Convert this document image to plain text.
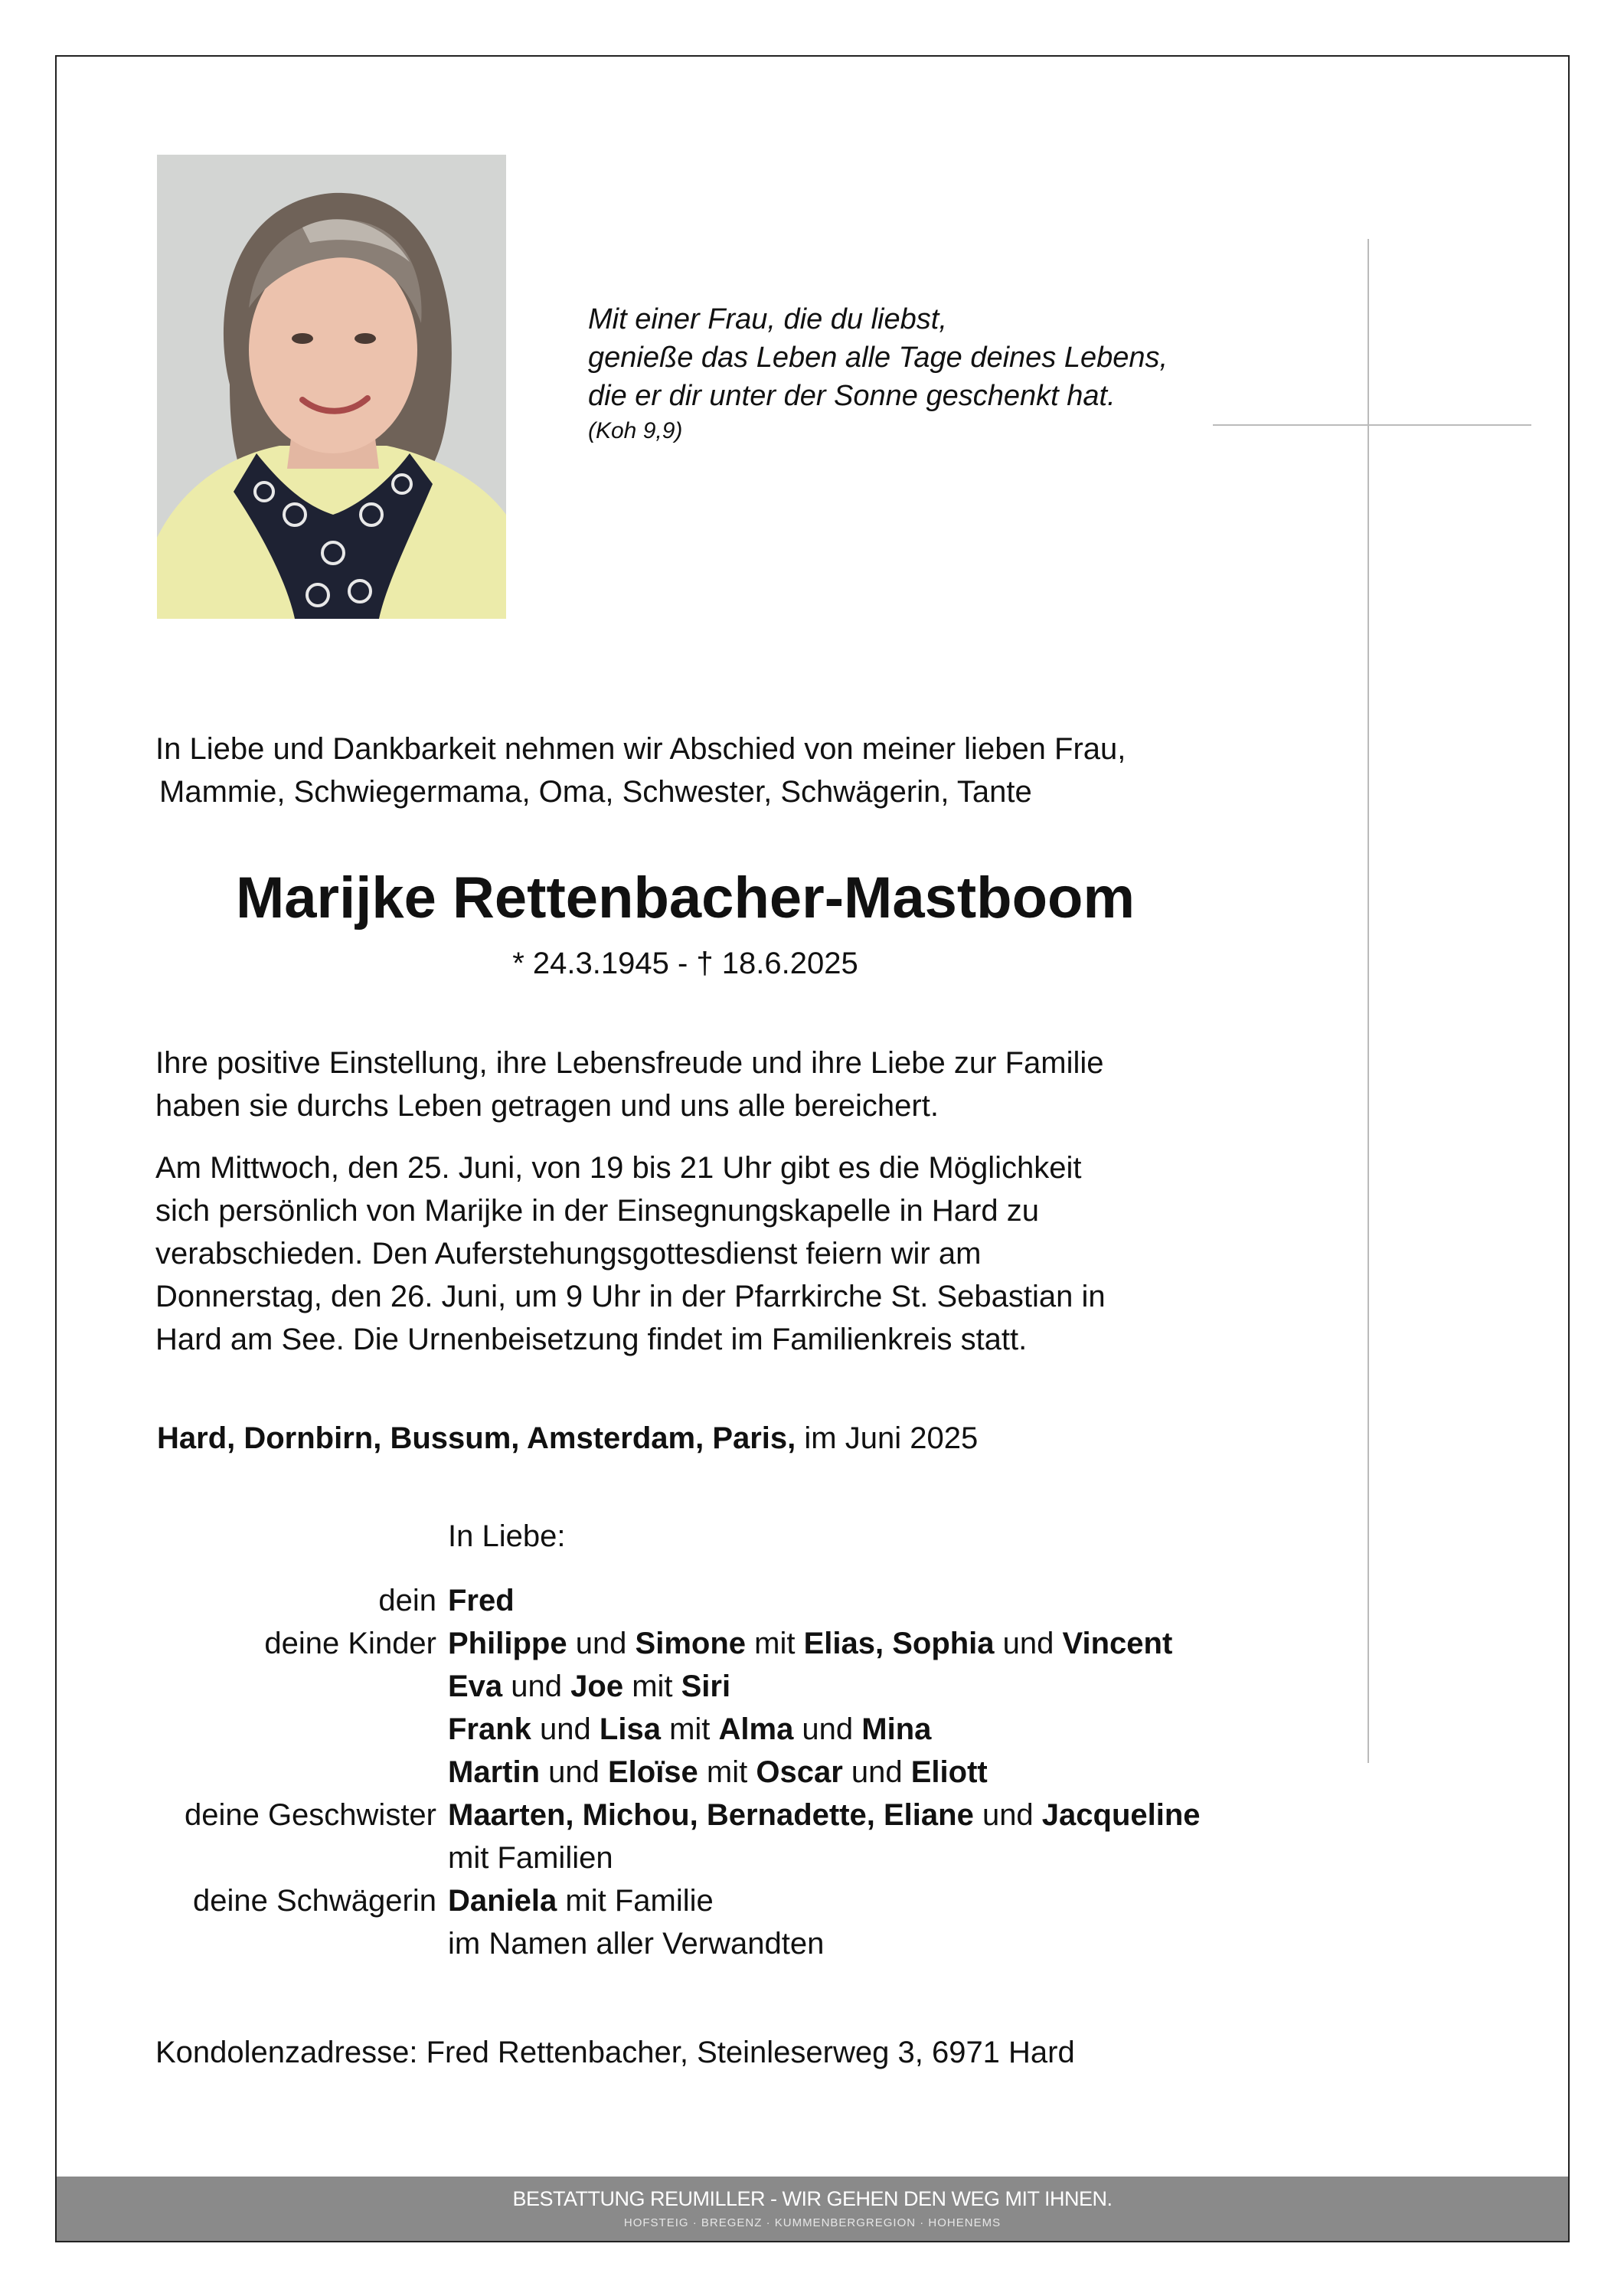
Mit einer Frau, die du liebst,
genieße das Leben alle Tage deines Lebens,
die er dir unter der Sonne geschenkt hat.
(Koh 9,9)
In Liebe und Dankbarkeit nehmen wir Abschied von meiner lieben Frau,
Mammie, Schwiegermama, Oma, Schwester, Schwägerin, Tante
Marijke Rettenbacher-Mastboom
* 24.3.1945 - † 18.6.2025
Ihre positive Einstellung, ihre Lebensfreude und ihre Liebe zur Familie
haben sie durchs Leben getragen und uns alle bereichert.
Am Mittwoch, den 25. Juni, von 19 bis 21 Uhr gibt es die Möglichkeit
sich persönlich von Marijke in der Einsegnungskapelle in Hard zu
verabschieden. Den Auferstehungsgottesdienst feiern wir am
Donnerstag, den 26. Juni, um 9 Uhr in der Pfarrkirche St. Sebastian in
Hard am See. Die Urnenbeisetzung findet im Familienkreis statt.
Hard, Dornbirn, Bussum, Amsterdam, Paris, im Juni 2025
In Liebe:
dein Fred
deine Kinder Philippe und Simone mit Elias, Sophia und Vincent
Eva und Joe mit Siri
Frank und Lisa mit Alma und Mina
Martin und Eloïse mit Oscar und Eliott
deine Geschwister Maarten, Michou, Bernadette, Eliane und Jacqueline
mit Familien
deine Schwägerin Daniela mit Familie
im Namen aller Verwandten
Kondolenzadresse: Fred Rettenbacher, Steinleserweg 3, 6971 Hard
BESTATTUNG REUMILLER - WIR GEHEN DEN WEG MIT IHNEN.
HOFSTEIG · BREGENZ · KUMMENBERGREGION · HOHENEMS
